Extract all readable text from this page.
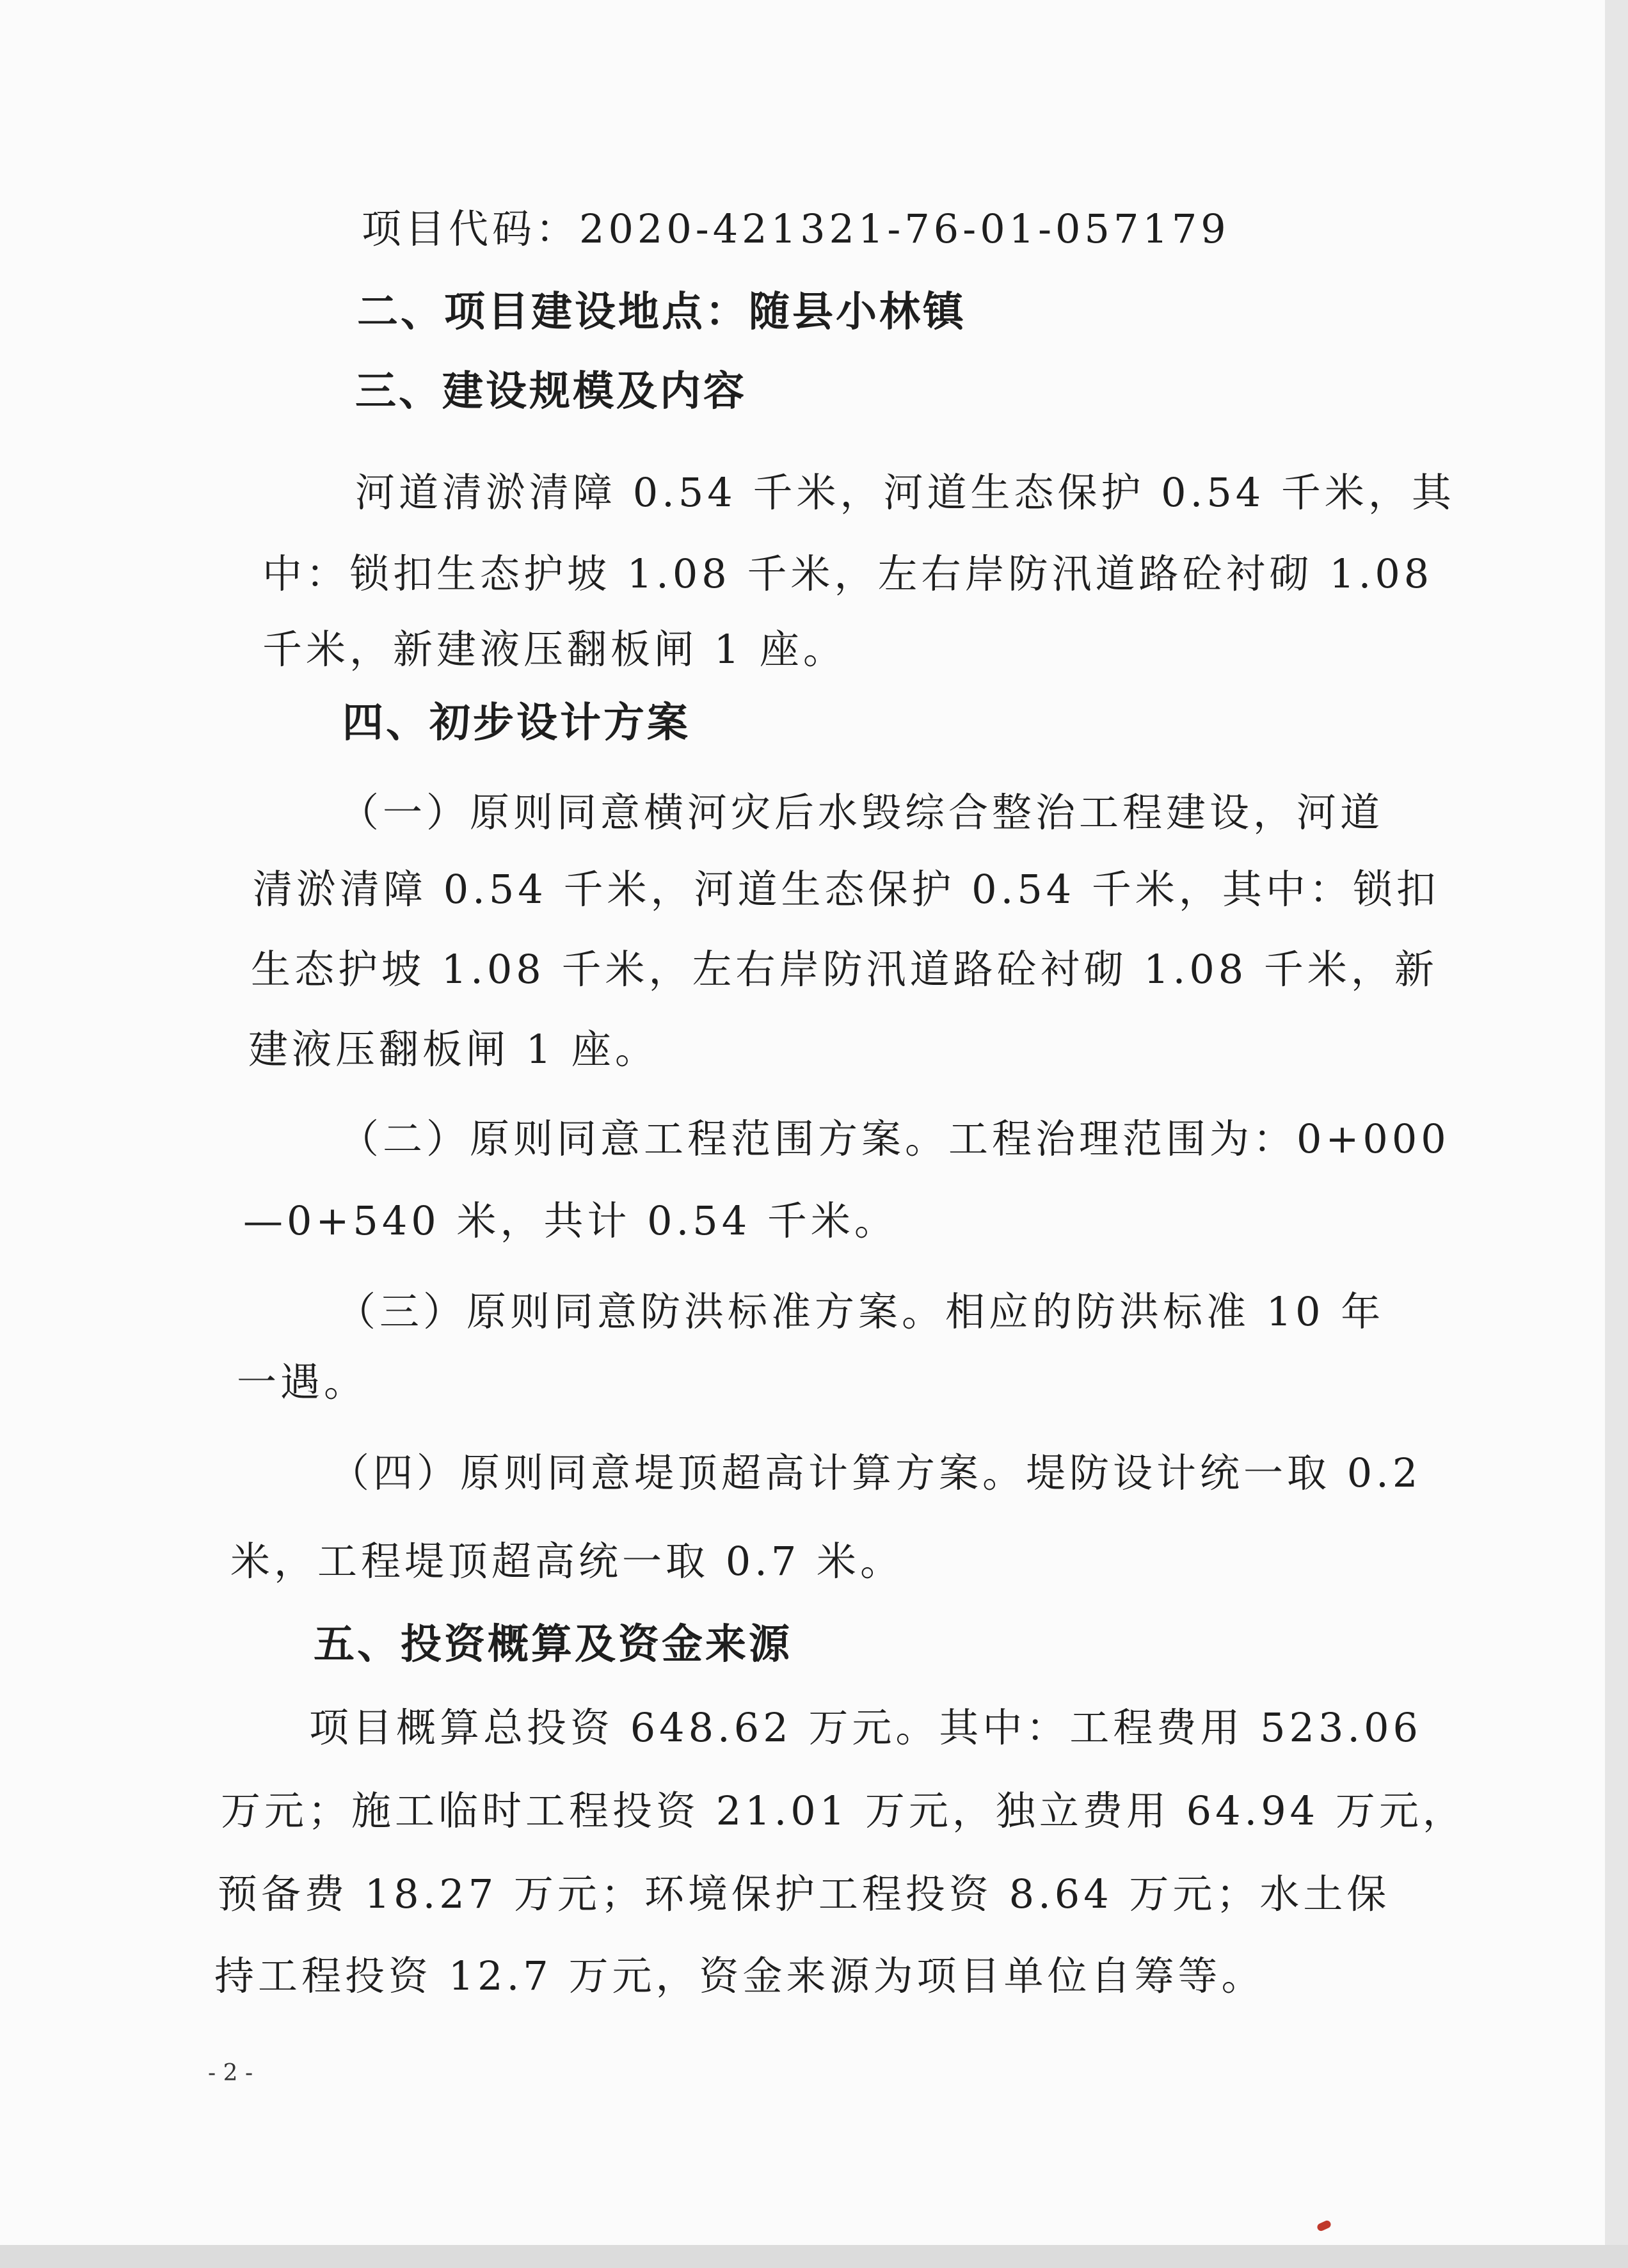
项目代码：2020-421321-76-01-057179
二、项目建设地点：随县小林镇
三、建设规模及内容
河道清淤清障 0.54 千米，河道生态保护 0.54 千米，其
中：锁扣生态护坡 1.08 千米，左右岸防汛道路砼衬砌 1.08
千米，新建液压翻板闸 1 座。
四、初步设计方案
（一）原则同意横河灾后水毁综合整治工程建设，河道
清淤清障 0.54 千米，河道生态保护 0.54 千米，其中：锁扣
生态护坡 1.08 千米，左右岸防汛道路砼衬砌 1.08 千米，新
建液压翻板闸 1 座。
（二）原则同意工程范围方案。工程治理范围为：0+000
—0+540 米，共计 0.54 千米。
（三）原则同意防洪标准方案。相应的防洪标准 10 年
一遇。
（四）原则同意堤顶超高计算方案。堤防设计统一取 0.2
米，工程堤顶超高统一取 0.7 米。
五、投资概算及资金来源
项目概算总投资 648.62 万元。其中：工程费用 523.06
万元；施工临时工程投资 21.01 万元，独立费用 64.94 万元，
预备费 18.27 万元；环境保护工程投资 8.64 万元；水土保
持工程投资 12.7 万元，资金来源为项目单位自筹等。
- 2 -
